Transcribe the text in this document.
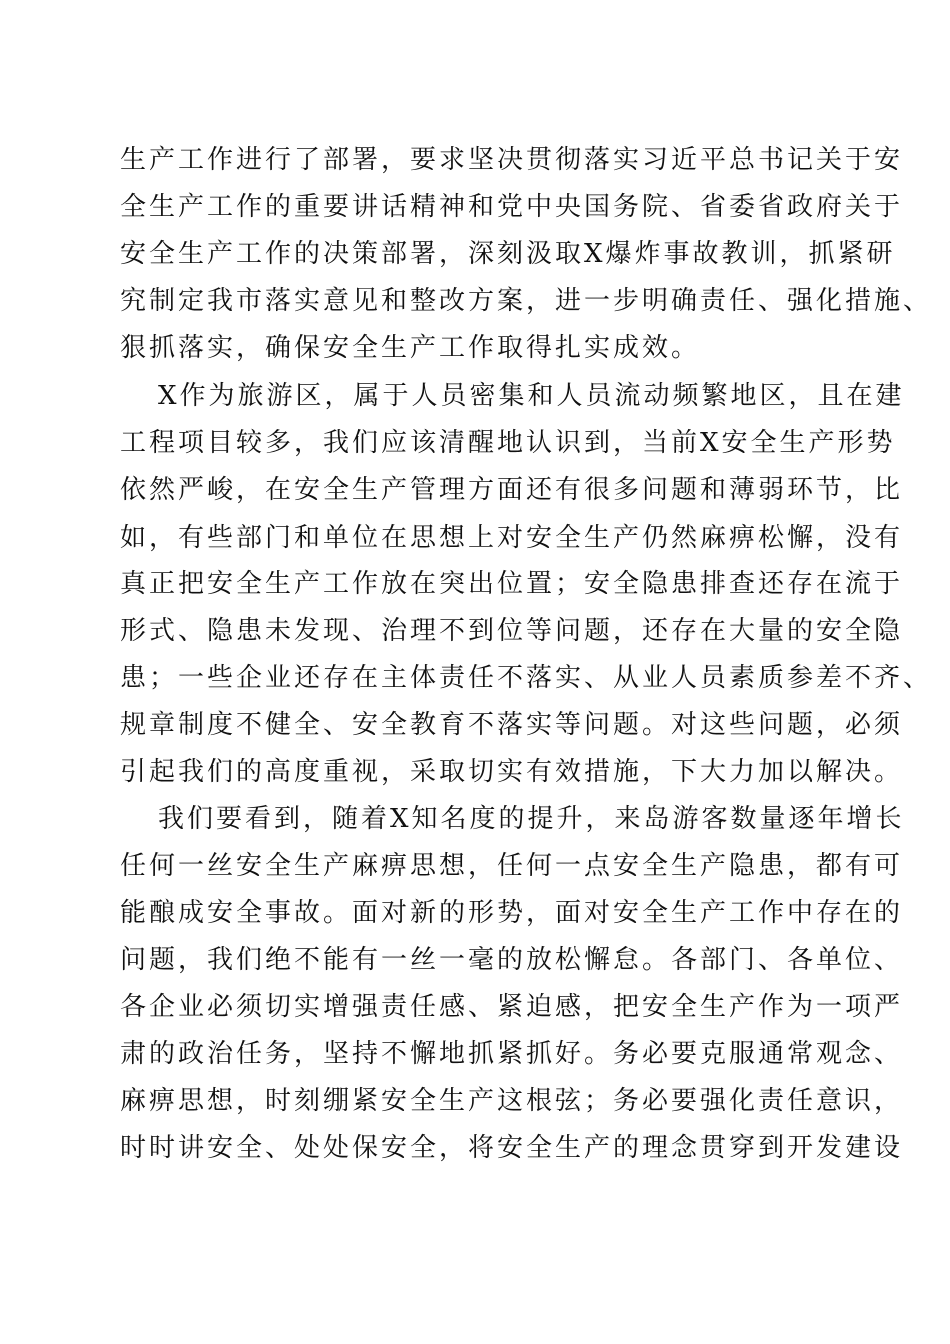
生产工作进行了部署，要求坚决贯彻落实习近平总书记关于安
全生产工作的重要讲话精神和党中央国务院、省委省政府关于
安全生产工作的决策部署，深刻汲取X爆炸事故教训，抓紧研
究制定我市落实意见和整改方案，进一步明确责任、强化措施、
狠抓落实，确保安全生产工作取得扎实成效。
X作为旅游区，属于人员密集和人员流动频繁地区，且在建
工程项目较多，我们应该清醒地认识到，当前X安全生产形势
依然严峻，在安全生产管理方面还有很多问题和薄弱环节，比
如，有些部门和单位在思想上对安全生产仍然麻痹松懈，没有
真正把安全生产工作放在突出位置；安全隐患排查还存在流于
形式、隐患未发现、治理不到位等问题，还存在大量的安全隐
患；一些企业还存在主体责任不落实、从业人员素质参差不齐、
规章制度不健全、安全教育不落实等问题。对这些问题，必须
引起我们的高度重视，采取切实有效措施，下大力加以解决。
我们要看到，随着X知名度的提升，来岛游客数量逐年增长
任何一丝安全生产麻痹思想，任何一点安全生产隐患，都有可
能酿成安全事故。面对新的形势，面对安全生产工作中存在的
问题，我们绝不能有一丝一毫的放松懈怠。各部门、各单位、
各企业必须切实增强责任感、紧迫感，把安全生产作为一项严
肃的政治任务，坚持不懈地抓紧抓好。务必要克服通常观念、
麻痹思想，时刻绷紧安全生产这根弦；务必要强化责任意识，
时时讲安全、处处保安全，将安全生产的理念贯穿到开发建设
